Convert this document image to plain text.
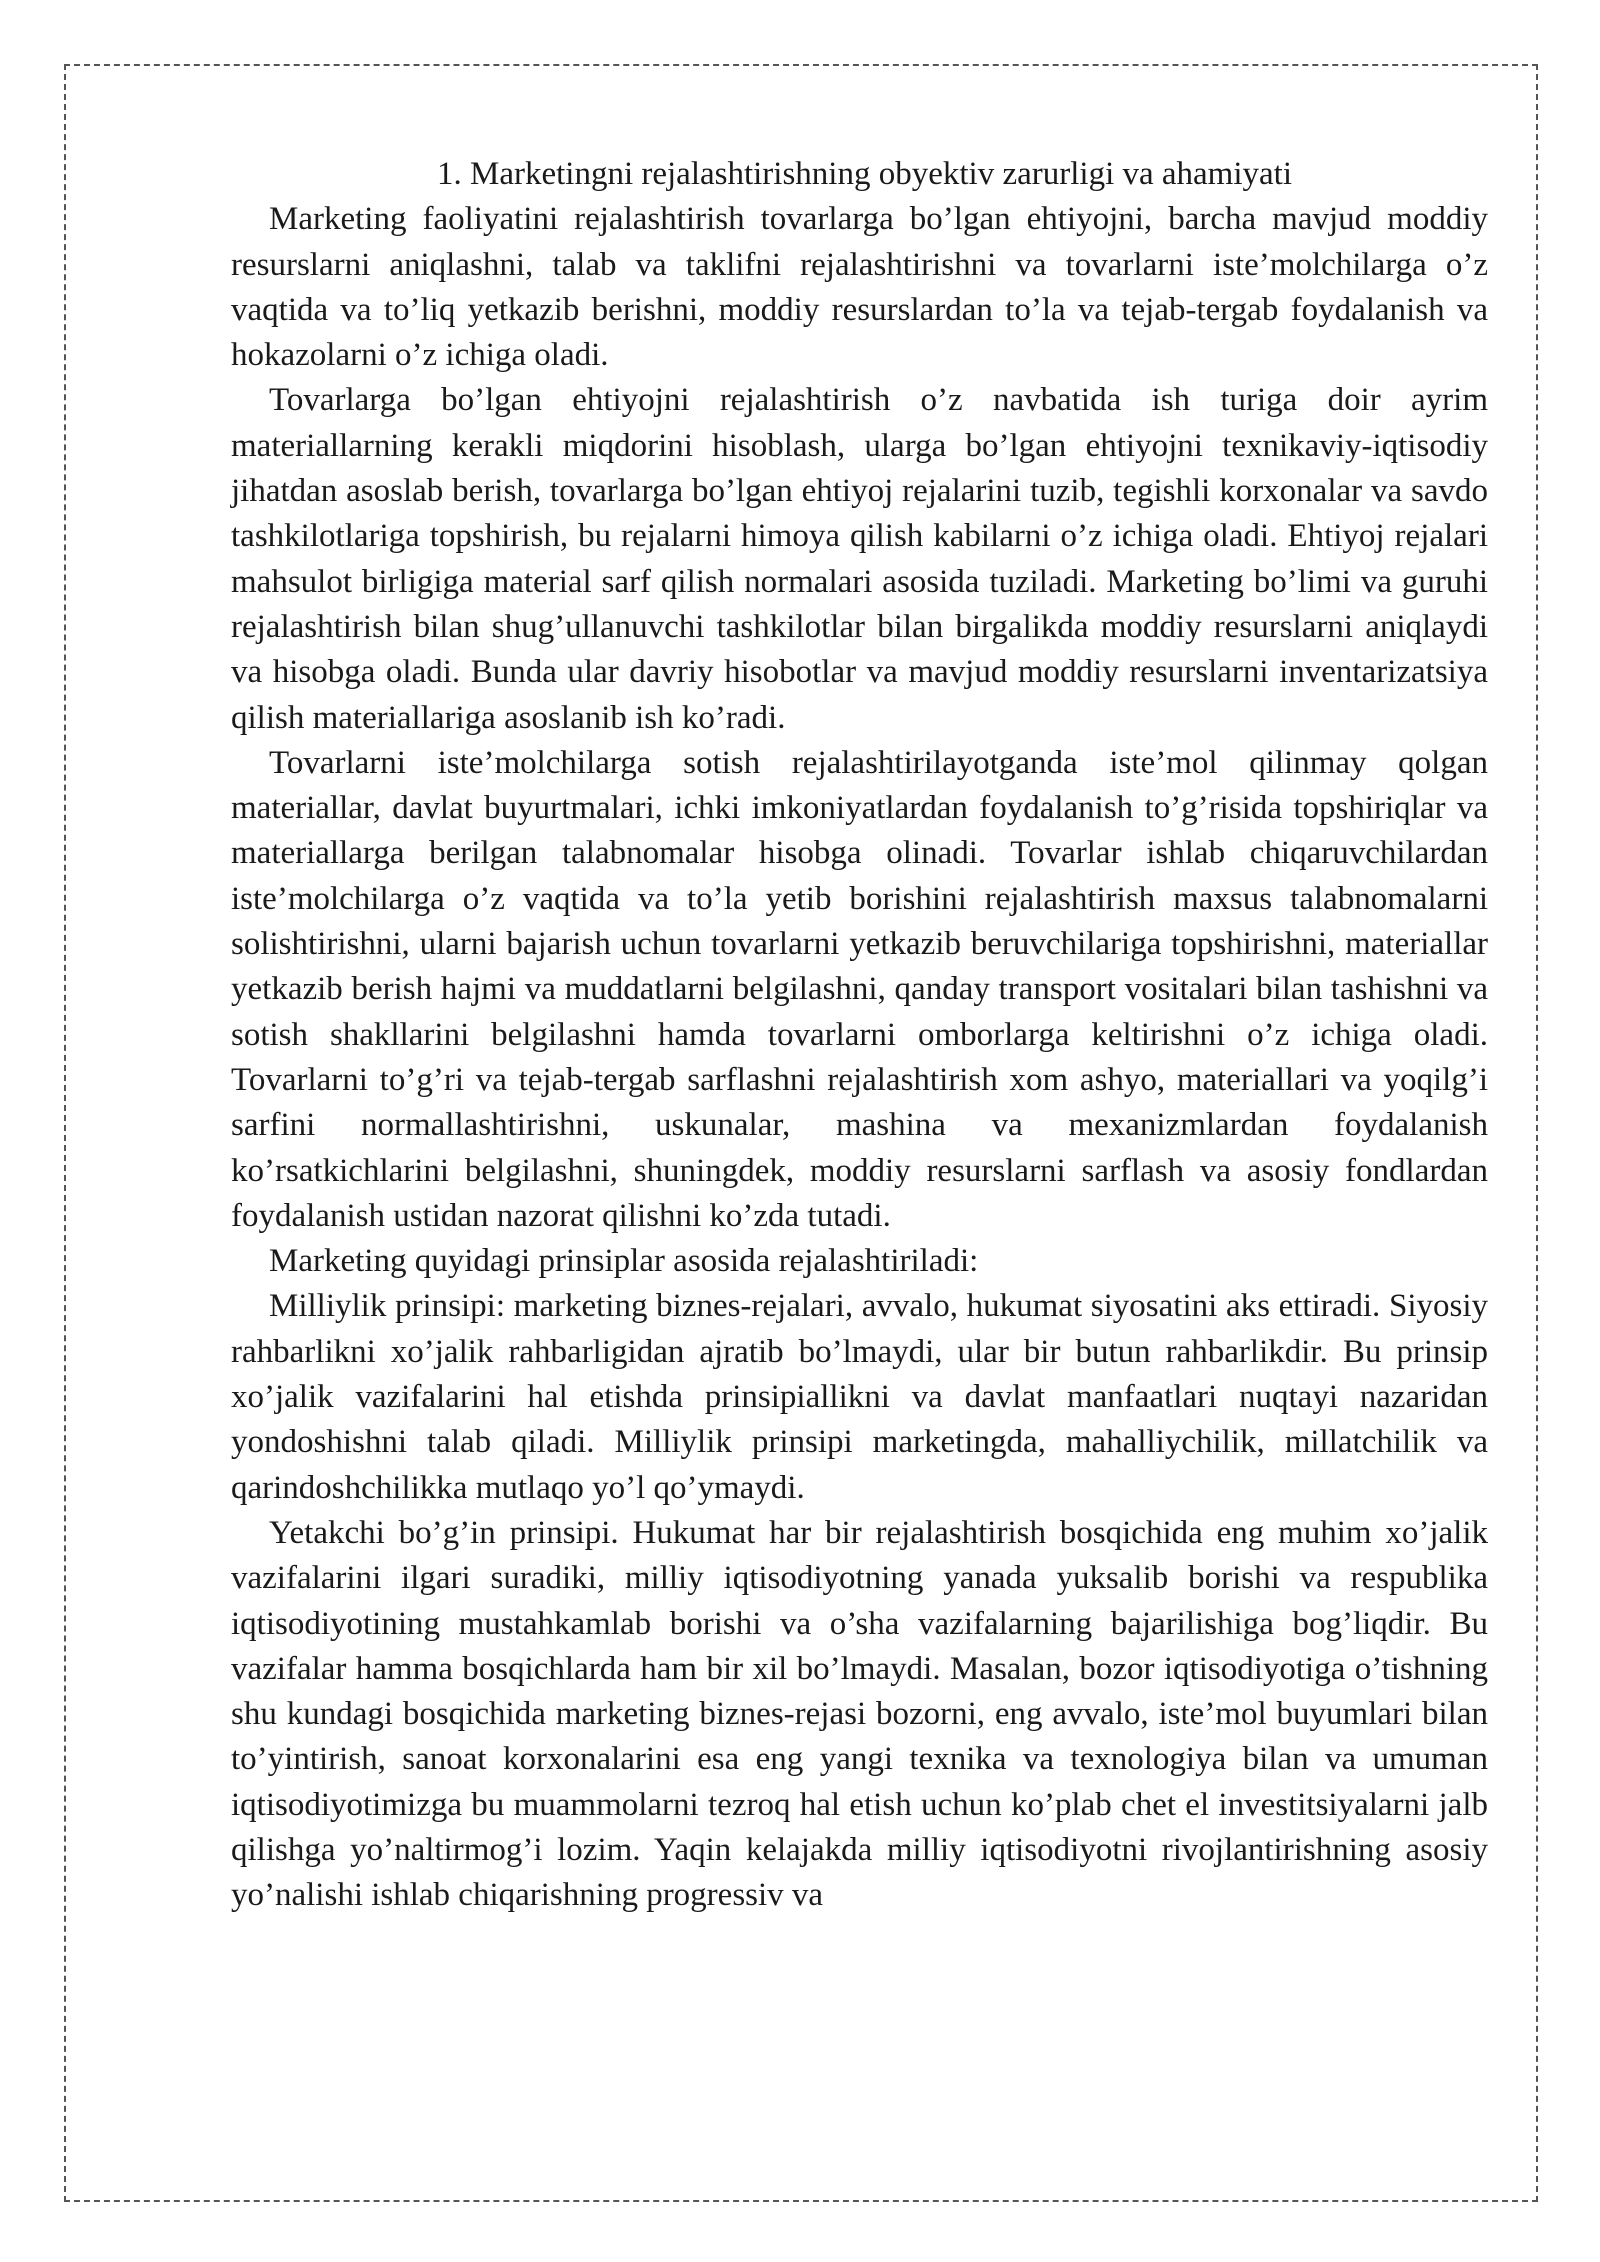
1. Marketingni rejalashtirishning obyektiv zarurligi va ahamiyati

Marketing faoliyatini rejalashtirish tovarlarga bo’lgan ehtiyojni, barcha mavjud moddiy resurslarni aniqlashni, talab va taklifni rejalashtirishni va tovarlarni iste’molchilarga o’z vaqtida va to’liq yetkazib berishni, moddiy resurslardan to’la va tejab-tergab foydalanish va hokazolarni o’z ichiga oladi.

Tovarlarga bo’lgan ehtiyojni rejalashtirish o’z navbatida ish turiga doir ayrim materiallarning kerakli miqdorini hisoblash, ularga bo’lgan ehtiyojni texnikaviy-iqtisodiy jihatdan asoslab berish, tovarlarga bo’lgan ehtiyoj rejalarini tuzib, tegishli korxonalar va savdo tashkilotlariga topshirish, bu rejalarni himoya qilish kabilarni o’z ichiga oladi. Ehtiyoj rejalari mahsulot birligiga material sarf qilish normalari asosida tuziladi. Marketing bo’limi va guruhi rejalashtirish bilan shug’ullanuvchi tashkilotlar bilan birgalikda moddiy resurslarni aniqlaydi va hisobga oladi. Bunda ular davriy hisobotlar va mavjud moddiy resurslarni inventarizatsiya qilish materiallariga asoslanib ish ko’radi.

Tovarlarni iste’molchilarga sotish rejalashtirilayotganda iste’mol qilinmay qolgan materiallar, davlat buyurtmalari, ichki imkoniyatlardan foydalanish to’g’risida topshiriqlar va materiallarga berilgan talabnomalar hisobga olinadi. Tovarlar ishlab chiqaruvchilardan iste’molchilarga o’z vaqtida va to’la yetib borishini rejalashtirish maxsus talabnomalarni solishtirishni, ularni bajarish uchun tovarlarni yetkazib beruvchilariga topshirishni, materiallar yetkazib berish hajmi va muddatlarni belgilashni, qanday transport vositalari bilan tashishni va sotish shakllarini belgilashni hamda tovarlarni omborlarga keltirishni o’z ichiga oladi. Tovarlarni to’g’ri va tejab-tergab sarflashni rejalashtirish xom ashyo, materiallari va yoqilg’i sarfini normallashtirishni, uskunalar, mashina va mexanizmlardan foydalanish ko’rsatkichlarini belgilashni, shuningdek, moddiy resurslarni sarflash va asosiy fondlardan foydalanish ustidan nazorat qilishni ko’zda tutadi.

Marketing quyidagi prinsiplar asosida rejalashtiriladi:

Milliylik prinsipi: marketing biznes-rejalari, avvalo, hukumat siyosatini aks ettiradi. Siyosiy rahbarlikni xo’jalik rahbarligidan ajratib bo’lmaydi, ular bir butun rahbarlikdir. Bu prinsip xo’jalik vazifalarini hal etishda prinsipiallikni va davlat manfaatlari nuqtayi nazaridan yondoshishni talab qiladi. Milliylik prinsipi marketingda, mahalliychilik, millatchilik va qarindoshchilikka mutlaqo yo’l qo’ymaydi.

Yetakchi bo’g’in prinsipi. Hukumat har bir rejalashtirish bosqichida eng muhim xo’jalik vazifalarini ilgari suradiki, milliy iqtisodiyotning yanada yuksalib borishi va respublika iqtisodiyotining mustahkamlab borishi va o’sha vazifalarning bajarilishiga bog’liqdir. Bu vazifalar hamma bosqichlarda ham bir xil bo’lmaydi. Masalan, bozor iqtisodiyotiga o’tishning shu kundagi bosqichida marketing biznes-rejasi bozorni, eng avvalo, iste’mol buyumlari bilan to’yintirish, sanoat korxonalarini esa eng yangi texnika va texnologiya bilan va umuman iqtisodiyotimizga bu muammolarni tezroq hal etish uchun ko’plab chet el investitsiyalarni jalb qilishga yo’naltirmog’i lozim. Yaqin kelajakda milliy iqtisodiyotni rivojlantirishning asosiy yo’nalishi ishlab chiqarishning progressiv va
